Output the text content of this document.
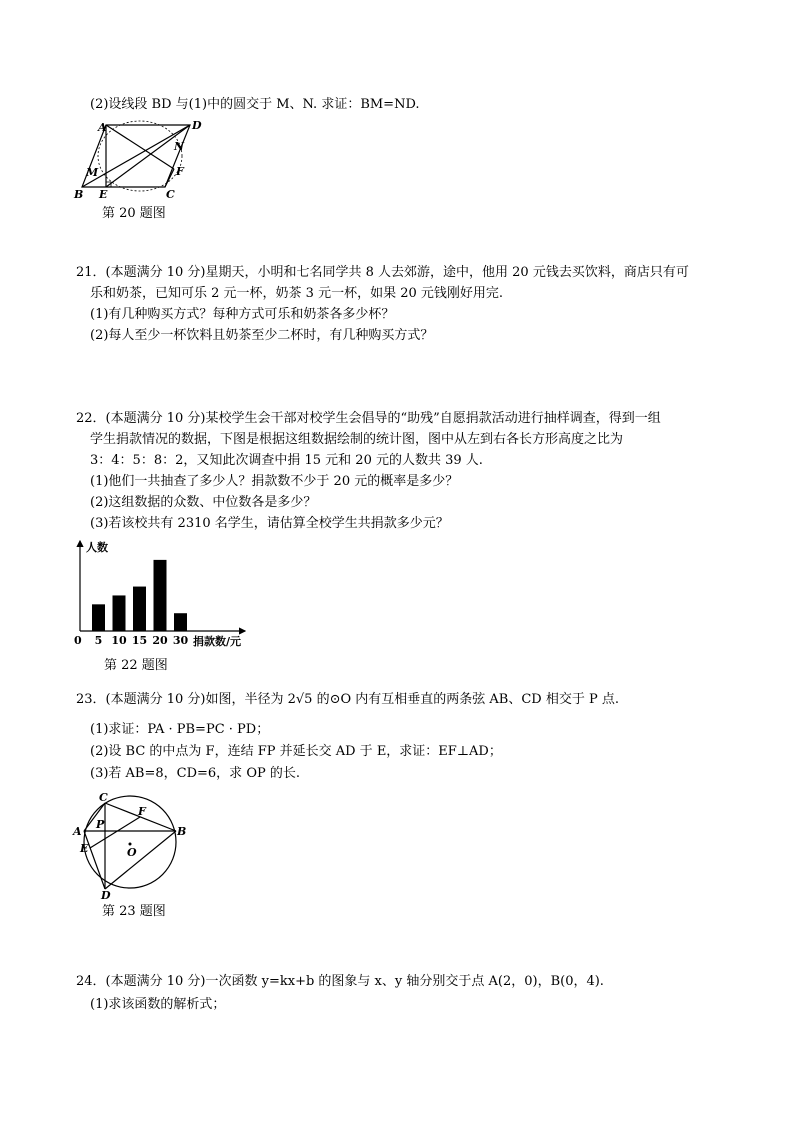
(2)设线段 BD 与(1)中的圆交于 M、N. 求证：BM=ND.
A	D
N
M	F
B E	C
第 20 题图
21．(本题满分 10 分)星期天，小明和七名同学共 8 人去郊游，途中，他用 20 元钱去买饮料，商店只有可
乐和奶茶，已知可乐 2 元一杯，奶茶 3 元一杯，如果 20 元钱刚好用完.
(1)有几种购买方式？每种方式可乐和奶茶各多少杯？
(2)每人至少一杯饮料且奶茶至少二杯时，有几种购买方式？
22．(本题满分 10 分)某校学生会干部对校学生会倡导的“助残”自愿捐款活动进行抽样调查，得到一组
学生捐款情况的数据，下图是根据这组数据绘制的统计图，图中从左到右各长方形高度之比为
3：4：5：8：2，又知此次调查中捐 15 元和 20 元的人数共 39 人.
(1)他们一共抽查了多少人？捐款数不少于 20 元的概率是多少？
(2)这组数据的众数、中位数各是多少？
(3)若该校共有 2310 名学生，请估算全校学生共捐款多少元？
5 10 15 20 30
人数
0	捐款数/元
第 22 题图
23．(本题满分 10 分)如图，半径为 2√5 的⊙O 内有互相垂直的两条弦 AB、CD 相交于 P 点.
(1)求证：PA · PB=PC · PD；
(2)设 BC 的中点为 F，连结 FP 并延长交 AD 于 E，求证：EF⊥AD；
(3)若 AB=8，CD=6，求 OP 的长.
C
F
A
P
B
E	O
D
第 23 题图
24．(本题满分 10 分)一次函数 y=kx+b 的图象与 x、y 轴分别交于点 A(2，0)，B(0，4).
(1)求该函数的解析式；
